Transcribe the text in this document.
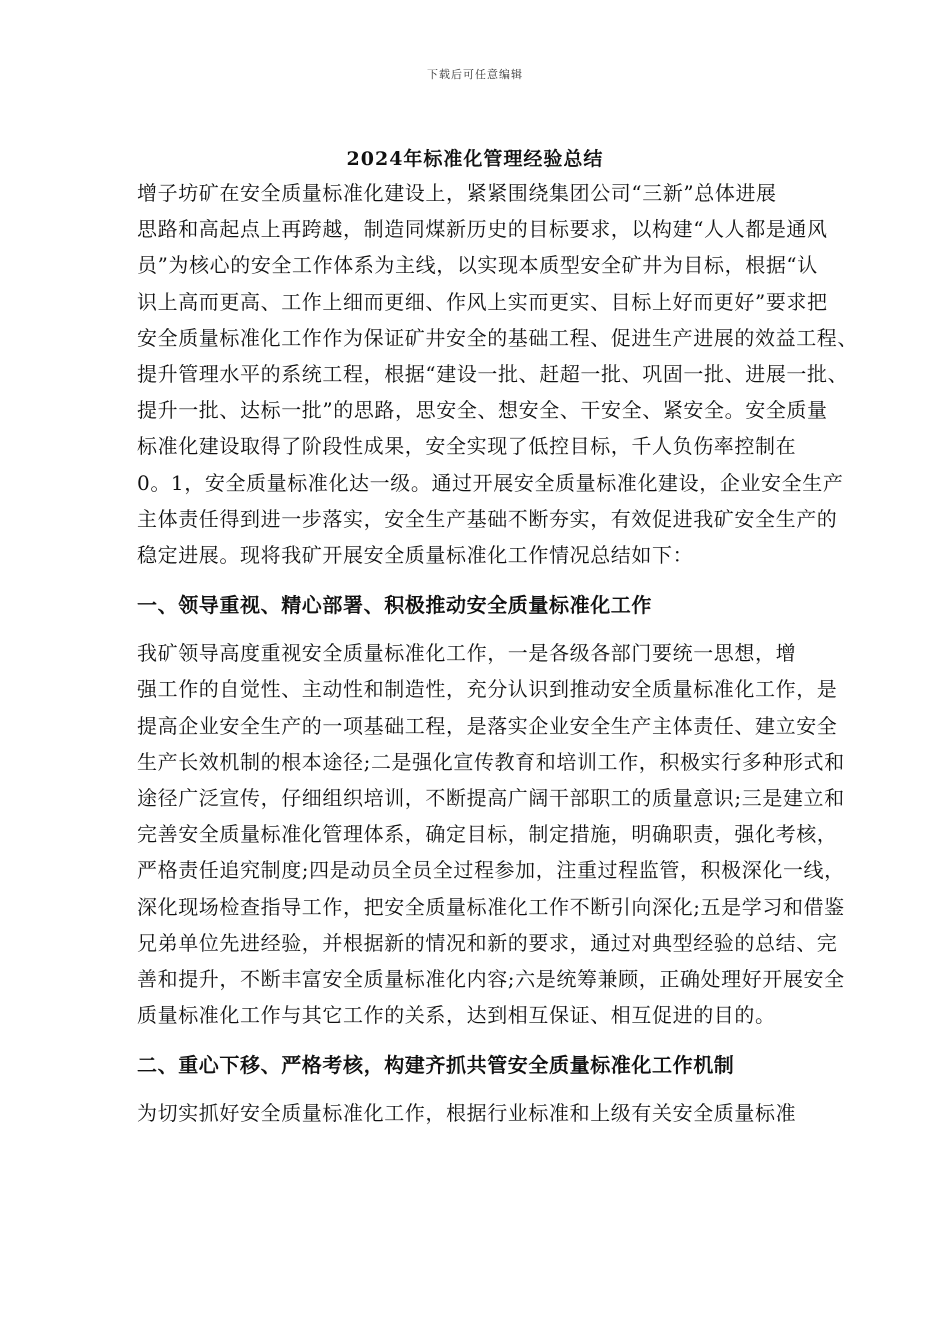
下载后可任意编辑
2024年标准化管理经验总结

增子坊矿在安全质量标准化建设上，紧紧围绕集团公司“三新”总体进展
思路和高起点上再跨越，制造同煤新历史的目标要求，以构建“人人都是通风
员”为核心的安全工作体系为主线，以实现本质型安全矿井为目标，根据“认
识上高而更高、工作上细而更细、作风上实而更实、目标上好而更好”要求把
安全质量标准化工作作为保证矿井安全的基础工程、促进生产进展的效益工程、
提升管理水平的系统工程，根据“建设一批、赶超一批、巩固一批、进展一批、
提升一批、达标一批”的思路，思安全、想安全、干安全、紧安全。安全质量
标准化建设取得了阶段性成果，安全实现了低控目标，千人负伤率控制在
0。1，安全质量标准化达一级。通过开展安全质量标准化建设，企业安全生产
主体责任得到进一步落实，安全生产基础不断夯实，有效促进我矿安全生产的
稳定进展。现将我矿开展安全质量标准化工作情况总结如下：

一、领导重视、精心部署、积极推动安全质量标准化工作

我矿领导高度重视安全质量标准化工作，一是各级各部门要统一思想，增
强工作的自觉性、主动性和制造性，充分认识到推动安全质量标准化工作，是
提高企业安全生产的一项基础工程，是落实企业安全生产主体责任、建立安全
生产长效机制的根本途径;二是强化宣传教育和培训工作，积极实行多种形式和
途径广泛宣传，仔细组织培训，不断提高广阔干部职工的质量意识;三是建立和
完善安全质量标准化管理体系，确定目标，制定措施，明确职责，强化考核，
严格责任追究制度;四是动员全员全过程参加，注重过程监管，积极深化一线，
深化现场检查指导工作，把安全质量标准化工作不断引向深化;五是学习和借鉴
兄弟单位先进经验，并根据新的情况和新的要求，通过对典型经验的总结、完
善和提升，不断丰富安全质量标准化内容;六是统筹兼顾，正确处理好开展安全
质量标准化工作与其它工作的关系，达到相互保证、相互促进的目的。

二、重心下移、严格考核，构建齐抓共管安全质量标准化工作机制

为切实抓好安全质量标准化工作，根据行业标准和上级有关安全质量标准
